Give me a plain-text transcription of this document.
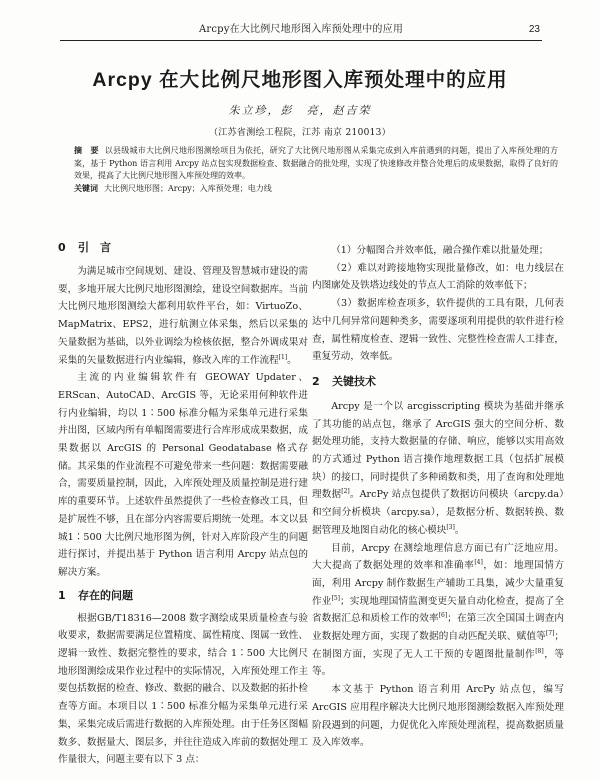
Arcpy在大比例尺地形图入库预处理中的应用	23
Arcpy 在大比例尺地形图入库预处理中的应用
朱立珍，彭　亮，赵吉荣
（江苏省测绘工程院，江苏 南京 210013）

摘　要 以县级城市大比例尺地形图测绘项目为依托，研究了大比例尺地形图从采集完成到入库前遇到的问题，提出了入库预处理的方案，基于 Python 语言利用 Arcpy 站点包实现数据检查、数据融合的批处理，实现了快速修改并整合处理后的成果数据，取得了良好的效果，提高了大比例尺地形图入库预处理的效率。

关键词 大比例尺地形图；Arcpy；入库预处理；电力线

0 引　言

为满足城市空间规划、建设、管理及智慧城市建设的需要，多地开展大比例尺地形图测绘，建设空间数据库。当前大比例尺地形图测绘大都利用软件平台，如：VirtuoZo、MapMatrix、EPS2，进行航测立体采集，然后以采集的矢量数据为基础，以外业调绘为检核依据，整合外调成果对采集的矢量数据进行内业编辑，修改入库的工作流程[1]。

主流的内业编辑软件有 GEOWAY Updater、ERScan、AutoCAD、ArcGIS 等，无论采用何种软件进行内业编辑，均以 1∶500 标准分幅为采集单元进行采集并出图，区域内所有单幅图需要进行合库形成成果数据，成果数据以 ArcGIS 的 Personal Geodatabase 格式存储。其采集的作业流程不可避免带来一些问题：数据需要融合，需要质量控制，因此，入库预处理及质量控制是进行建库的重要环节。上述软件虽然提供了一些检查修改工具，但是扩展性不够，且在部分内容需要后期统一处理。本文以县城1∶500 大比例尺地形图为例，针对入库阶段产生的问题进行探讨，并提出基于 Python 语言利用 Arcpy 站点包的解决方案。

1 存在的问题

根据GB/T18316—2008 数字测绘成果质量检查与验收要求，数据需要满足位置精度、属性精度、图属一致性、逻辑一致性、数据完整性的要求，结合 1∶500 大比例尺地形图测绘成果作业过程中的实际情况，入库预处理工作主要包括数据的检查、修改、数据的融合、以及数据的拓扑检查等方面。本项目以 1∶500 标准分幅为采集单元进行采集，采集完成后需进行数据的入库预处理。由于任务区图幅数多、数据量大、图层多，并往往造成入库前的数据处理工作量很大，问题主要有以下 3 点：

（1）分幅图合并效率低，融合操作难以批量处理；

（2）难以对跨接地物实现批量修改，如：电力线层在内图廓处及铁塔边线处的节点人工消除的效率低下；

（3）数据库检查项多，软件提供的工具有限，几何表达中几何异常问题种类多，需要逐项利用提供的软件进行检查，属性精度检查、逻辑一致性、完整性检查需人工排查，重复劳动，效率低。

2 关键技术

Arcpy 是一个以 arcgisscripting 模块为基础并继承了其功能的站点包，继承了 ArcGIS 强大的空间分析、数据处理功能，支持大数据量的存储、响应，能够以实用高效的方式通过 Python 语言操作地理数据工具（包括扩展模块）的接口，同时提供了多种函数和类，用了查询和处理地理数据[2]。ArcPy 站点包提供了数据访问模块（arcpy.da）和空间分析模块（arcpy.sa），是数据分析、数据转换、数据管理及地图自动化的核心模块[3]。

目前，Arcpy 在测绘地理信息方面已有广泛地应用。大大提高了数据处理的效率和准确率[4]，如：地理国情方面，利用 Arcpy 制作数据生产辅助工具集，减少大量重复作业[5]；实现地理国情监测变更矢量自动化检查，提高了全省数据汇总和质检工作的效率[6]；在第三次全国国土调查内业数据处理方面，实现了数据的自动匹配关联、赋值等[7]；在制图方面，实现了无人工干预的专题图批量制作[8]，等等。

本文基于 Python 语言利用 ArcPy 站点包，编写 ArcGIS 应用程序解决大比例尺地形图测绘数据入库预处理阶段遇到的问题，力促优化入库预处理流程，提高数据质量及入库效率。
